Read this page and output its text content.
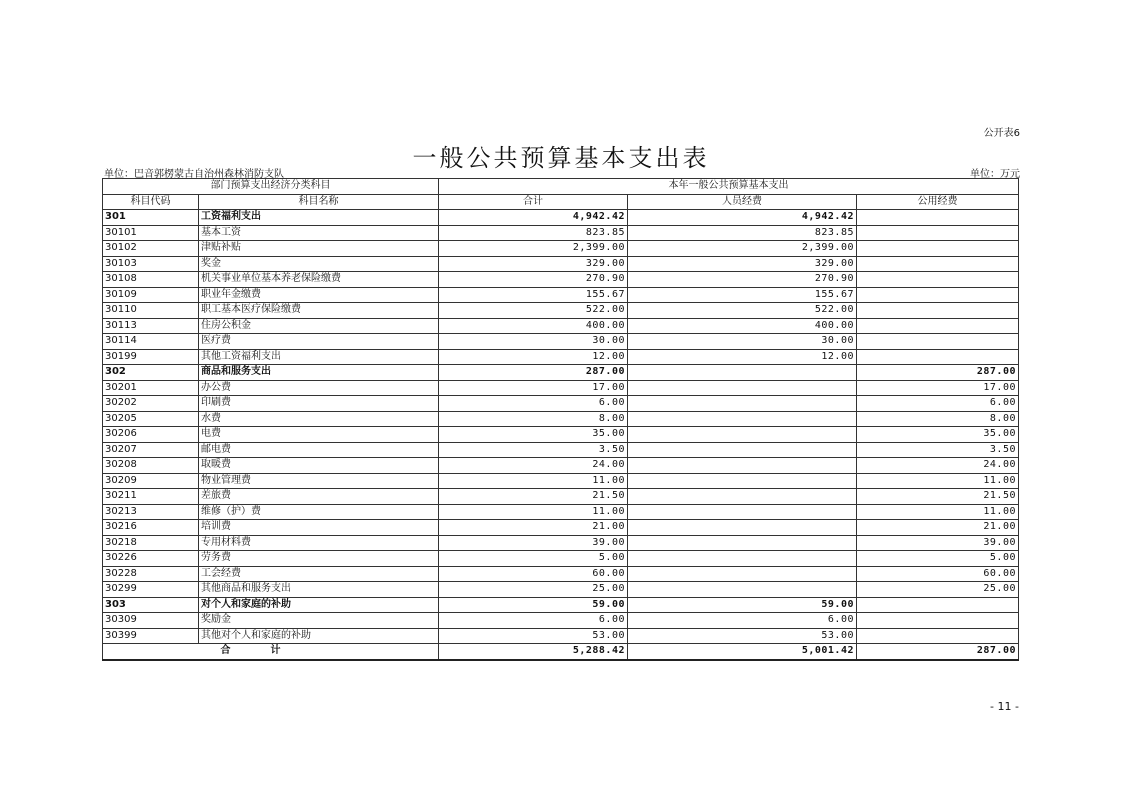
公开表6
一般公共预算基本支出表
单位：巴音郭楞蒙古自治州森林消防支队	单位：万元
部门预算支出经济分类科目		本年一般公共预算基本支出		
科目代码	科目名称	合计	人员经费	公用经费
301	工资福利支出	4,942.42	4,942.42	
30101	基本工资	823.85	823.85	
30102	津贴补贴	2,399.00	2,399.00	
30103	奖金	329.00	329.00	
30108	机关事业单位基本养老保险缴费	270.90	270.90	
30109	职业年金缴费	155.67	155.67	
30110	职工基本医疗保险缴费	522.00	522.00	
30113	住房公积金	400.00	400.00	
30114	医疗费	30.00	30.00	
30199	其他工资福利支出	12.00	12.00	
302	商品和服务支出	287.00		287.00
30201	办公费	17.00		17.00
30202	印刷费	6.00		6.00
30205	水费	8.00		8.00
30206	电费	35.00		35.00
30207	邮电费	3.50		3.50
30208	取暖费	24.00		24.00
30209	物业管理费	11.00		11.00
30211	差旅费	21.50		21.50
30213	维修（护）费	11.00		11.00
30216	培训费	21.00		21.00
30218	专用材料费	39.00		39.00
30226	劳务费	5.00		5.00
30228	工会经费	60.00		60.00
30299	其他商品和服务支出	25.00		25.00
303	对个人和家庭的补助	59.00	59.00	
30309	奖励金	6.00	6.00	
30399	其他对个人和家庭的补助	53.00	53.00	
合计		5,288.42	5,001.42	287.00
- 11 -
